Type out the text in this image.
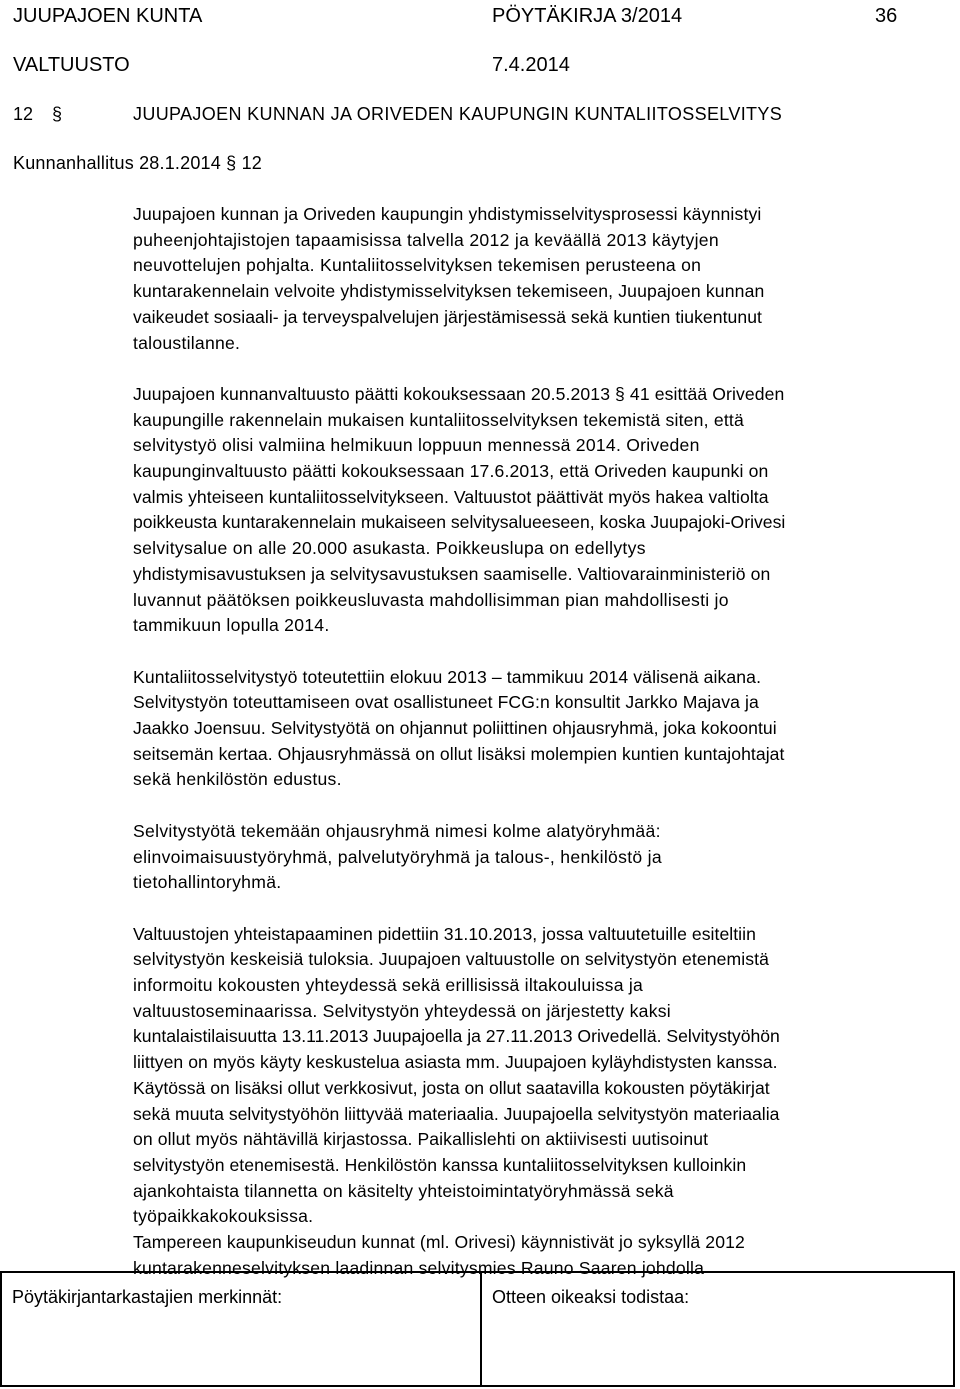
JUUPAJOEN KUNTA	PÖYTÄKIRJA 3/2014	36
VALTUUSTO	7.4.2014
12 §	JUUPAJOEN KUNNAN JA ORIVEDEN KAUPUNGIN KUNTALIITOSSELVITYS
Kunnanhallitus 28.1.2014 § 12

Juupajoen kunnan ja Oriveden kaupungin yhdistymisselvitysprosessi käynnistyi
puheenjohtajistojen tapaamisissa talvella 2012 ja keväällä 2013 käytyjen
neuvottelujen pohjalta. Kuntaliitosselvityksen tekemisen perusteena on
kuntarakennelain velvoite yhdistymisselvityksen tekemiseen, Juupajoen kunnan
vaikeudet sosiaali- ja terveyspalvelujen järjestämisessä sekä kuntien tiukentunut
taloustilanne.

Juupajoen kunnanvaltuusto päätti kokouksessaan 20.5.2013 § 41 esittää Oriveden
kaupungille rakennelain mukaisen kuntaliitosselvityksen tekemistä siten, että
selvitystyö olisi valmiina helmikuun loppuun mennessä 2014. Oriveden
kaupunginvaltuusto päätti kokouksessaan 17.6.2013, että Oriveden kaupunki on
valmis yhteiseen kuntaliitosselvitykseen. Valtuustot päättivät myös hakea valtiolta
poikkeusta kuntarakennelain mukaiseen selvitysalueeseen, koska Juupajoki-Orivesi
selvitysalue on alle 20.000 asukasta. Poikkeuslupa on edellytys
yhdistymisavustuksen ja selvitysavustuksen saamiselle. Valtiovarainministeriö on
luvannut päätöksen poikkeusluvasta mahdollisimman pian mahdollisesti jo
tammikuun lopulla 2014.

Kuntaliitosselvitystyö toteutettiin elokuu 2013 – tammikuu 2014 välisenä aikana.
Selvitystyön toteuttamiseen ovat osallistuneet FCG:n konsultit Jarkko Majava ja
Jaakko Joensuu. Selvitystyötä on ohjannut poliittinen ohjausryhmä, joka kokoontui
seitsemän kertaa. Ohjausryhmässä on ollut lisäksi molempien kuntien kuntajohtajat
sekä henkilöstön edustus.

Selvitystyötä tekemään ohjausryhmä nimesi kolme alatyöryhmää:
elinvoimaisuustyöryhmä, palvelutyöryhmä ja talous-, henkilöstö ja
tietohallintoryhmä.

Valtuustojen yhteistapaaminen pidettiin 31.10.2013, jossa valtuutetuille esiteltiin
selvitystyön keskeisiä tuloksia. Juupajoen valtuustolle on selvitystyön etenemistä
informoitu kokousten yhteydessä sekä erillisissä iltakouluissa ja
valtuustoseminaarissa. Selvitystyön yhteydessä on järjestetty kaksi
kuntalaistilaisuutta 13.11.2013 Juupajoella ja 27.11.2013 Orivedellä. Selvitystyöhön
liittyen on myös käyty keskustelua asiasta mm. Juupajoen kyläyhdistysten kanssa.
Käytössä on lisäksi ollut verkkosivut, josta on ollut saatavilla kokousten pöytäkirjat
sekä muuta selvitystyöhön liittyvää materiaalia. Juupajoella selvitystyön materiaalia
on ollut myös nähtävillä kirjastossa. Paikallislehti on aktiivisesti uutisoinut
selvitystyön etenemisestä. Henkilöstön kanssa kuntaliitosselvityksen kulloinkin
ajankohtaista tilannetta on käsitelty yhteistoimintatyöryhmässä sekä
työpaikkakokouksissa.

Tampereen kaupunkiseudun kunnat (ml. Orivesi) käynnistivät jo syksyllä 2012
kuntarakenneselvityksen laadinnan selvitysmies Rauno Saaren johdolla

Pöytäkirjantarkastajien merkinnät:	Otteen oikeaksi todistaa:
